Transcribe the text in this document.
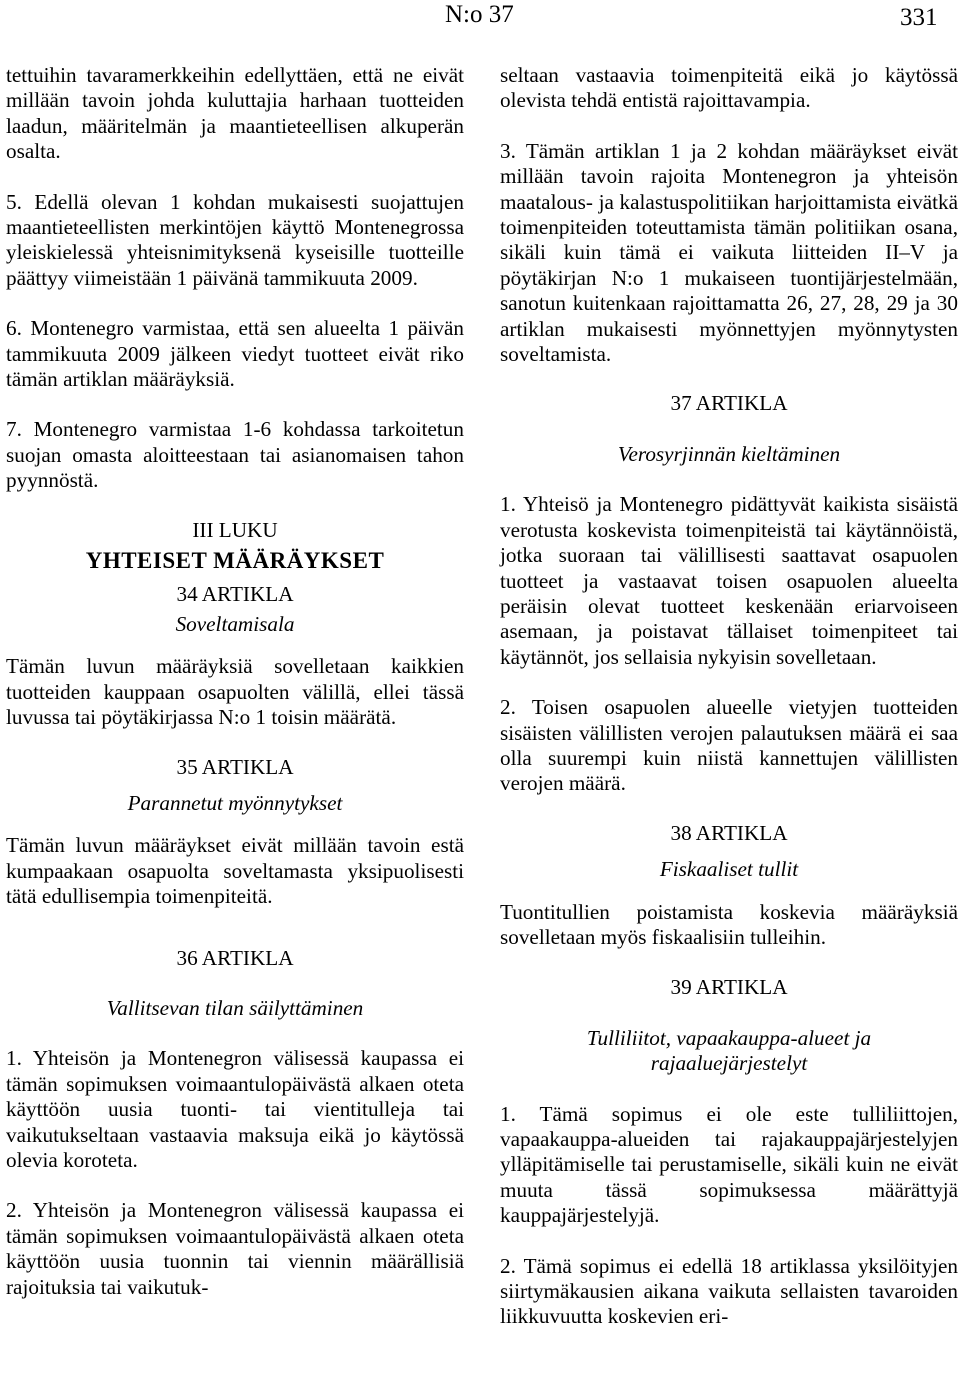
N:o 37	331

tettuihin tavaramerkkeihin edellyttäen, että ne eivät millään tavoin johda kuluttajia harhaan tuotteiden laadun, määritelmän ja maantieteellisen alkuperän osalta.

5. Edellä olevan 1 kohdan mukaisesti suojattujen maantieteellisten merkintöjen käyttö Montenegrossa yleiskielessä yhteisnimityksenä kyseisille tuotteille päättyy viimeistään 1 päivänä tammikuuta 2009.

6. Montenegro varmistaa, että sen alueelta 1 päivän tammikuuta 2009 jälkeen viedyt tuotteet eivät riko tämän artiklan määräyksiä.

7. Montenegro varmistaa 1-6 kohdassa tarkoitetun suojan omasta aloitteestaan tai asianomaisen tahon pyynnöstä.

III LUKU

YHTEISET MÄÄRÄYKSET

34 ARTIKLA

Soveltamisala

Tämän luvun määräyksiä sovelletaan kaikkien tuotteiden kauppaan osapuolten välillä, ellei tässä luvussa tai pöytäkirjassa N:o 1 toisin määrätä.

35 ARTIKLA

Parannetut myönnytykset

Tämän luvun määräykset eivät millään tavoin estä kumpaakaan osapuolta soveltamasta yksipuolisesti tätä edullisempia toimenpiteitä.

36 ARTIKLA

Vallitsevan tilan säilyttäminen

1. Yhteisön ja Montenegron välisessä kaupassa ei tämän sopimuksen voimaantulopäivästä alkaen oteta käyttöön uusia tuonti- tai vientitulleja tai vaikutukseltaan vastaavia maksuja eikä jo käytössä olevia koroteta.

2. Yhteisön ja Montenegron välisessä kaupassa ei tämän sopimuksen voimaantulopäivästä alkaen oteta käyttöön uusia tuonnin tai viennin määrällisiä rajoituksia tai vaikutuk-

seltaan vastaavia toimenpiteitä eikä jo käytössä olevista tehdä entistä rajoittavampia.

3. Tämän artiklan 1 ja 2 kohdan määräykset eivät millään tavoin rajoita Montenegron ja yhteisön maatalous- ja kalastuspolitiikan harjoittamista eivätkä toimenpiteiden toteuttamista tämän politiikan osana, sikäli kuin tämä ei vaikuta liitteiden II–V ja pöytäkirjan N:o 1 mukaiseen tuontijärjestelmään, sanotun kuitenkaan rajoittamatta 26, 27, 28, 29 ja 30 artiklan mukaisesti myönnettyjen myönnytysten soveltamista.

37 ARTIKLA

Verosyrjinnän kieltäminen

1. Yhteisö ja Montenegro pidättyvät kaikista sisäistä verotusta koskevista toimenpiteistä tai käytännöistä, jotka suoraan tai välillisesti saattavat osapuolen tuotteet ja vastaavat toisen osapuolen alueelta peräisin olevat tuotteet keskenään eriarvoiseen asemaan, ja poistavat tällaiset toimenpiteet tai käytännöt, jos sellaisia nykyisin sovelletaan.

2. Toisen osapuolen alueelle vietyjen tuotteiden sisäisten välillisten verojen palautuksen määrä ei saa olla suurempi kuin niistä kannettujen välillisten verojen määrä.

38 ARTIKLA

Fiskaaliset tullit

Tuontitullien poistamista koskevia määräyksiä sovelletaan myös fiskaalisiin tulleihin.

39 ARTIKLA

Tulliliitot, vapaakauppa-alueet ja rajaaluejärjestelyt

1. Tämä sopimus ei ole este tulliliittojen, vapaakauppa-alueiden tai rajakauppajärjestelyjen ylläpitämiselle tai perustamiselle, sikäli kuin ne eivät muuta tässä sopimuksessa määrättyjä kauppajärjestelyjä.

2. Tämä sopimus ei edellä 18 artiklassa yksilöityjen siirtymäkausien aikana vaikuta sellaisten tavaroiden liikkuvuutta koskevien eri-
